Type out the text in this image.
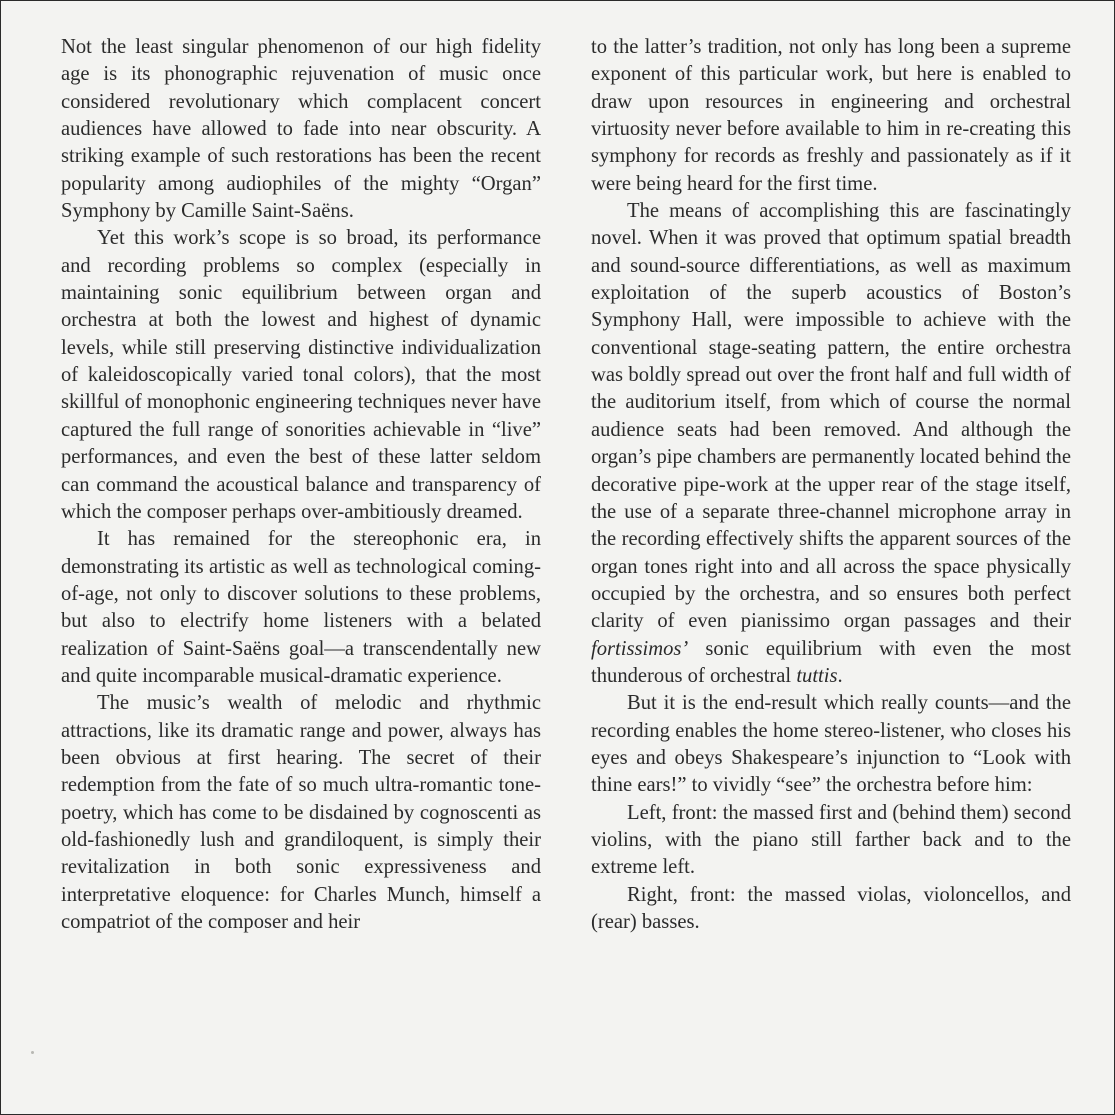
Not the least singular phenomenon of our high fidelity age is its phonographic rejuvenation of music once considered revolutionary which complacent concert audiences have allowed to fade into near obscurity. A striking example of such restorations has been the recent popularity among audiophiles of the mighty “Organ” Symphony by Camille Saint-Saëns.

Yet this work’s scope is so broad, its performance and recording problems so complex (especially in maintaining sonic equilibrium between organ and orchestra at both the lowest and highest of dynamic levels, while still preserving distinctive individualization of kaleidoscopically varied tonal colors), that the most skillful of monophonic engineering techniques never have captured the full range of sonorities achievable in “live” performances, and even the best of these latter seldom can command the acoustical balance and transparency of which the composer perhaps over-ambitiously dreamed.

It has remained for the stereophonic era, in demonstrating its artistic as well as technological coming-of-age, not only to discover solutions to these problems, but also to electrify home listeners with a belated realization of Saint-Saëns goal—a transcendentally new and quite incomparable musical-dramatic experience.

The music’s wealth of melodic and rhythmic attractions, like its dramatic range and power, always has been obvious at first hearing. The secret of their redemption from the fate of so much ultra-romantic tone-poetry, which has come to be disdained by cognoscenti as old-fashionedly lush and grandiloquent, is simply their revitalization in both sonic expressiveness and interpretative eloquence: for Charles Munch, himself a compatriot of the composer and heir

to the latter’s tradition, not only has long been a supreme exponent of this particular work, but here is enabled to draw upon resources in engineering and orchestral virtuosity never before available to him in re-creating this symphony for records as freshly and passionately as if it were being heard for the first time.

The means of accomplishing this are fascinatingly novel. When it was proved that optimum spatial breadth and sound-source differentiations, as well as maximum exploitation of the superb acoustics of Boston’s Symphony Hall, were impossible to achieve with the conventional stage-seating pattern, the entire orchestra was boldly spread out over the front half and full width of the auditorium itself, from which of course the normal audience seats had been removed. And although the organ’s pipe chambers are permanently located behind the decorative pipe-work at the upper rear of the stage itself, the use of a separate three-channel microphone array in the recording effectively shifts the apparent sources of the organ tones right into and all across the space physically occupied by the orchestra, and so ensures both perfect clarity of even pianissimo organ passages and their fortissimos’ sonic equilibrium with even the most thunderous of orchestral tuttis.

But it is the end-result which really counts—and the recording enables the home stereo-listener, who closes his eyes and obeys Shakespeare’s injunction to “Look with thine ears!” to vividly “see” the orchestra before him:

Left, front: the massed first and (behind them) second violins, with the piano still farther back and to the extreme left.

Right, front: the massed violas, violoncellos, and (rear) basses.
